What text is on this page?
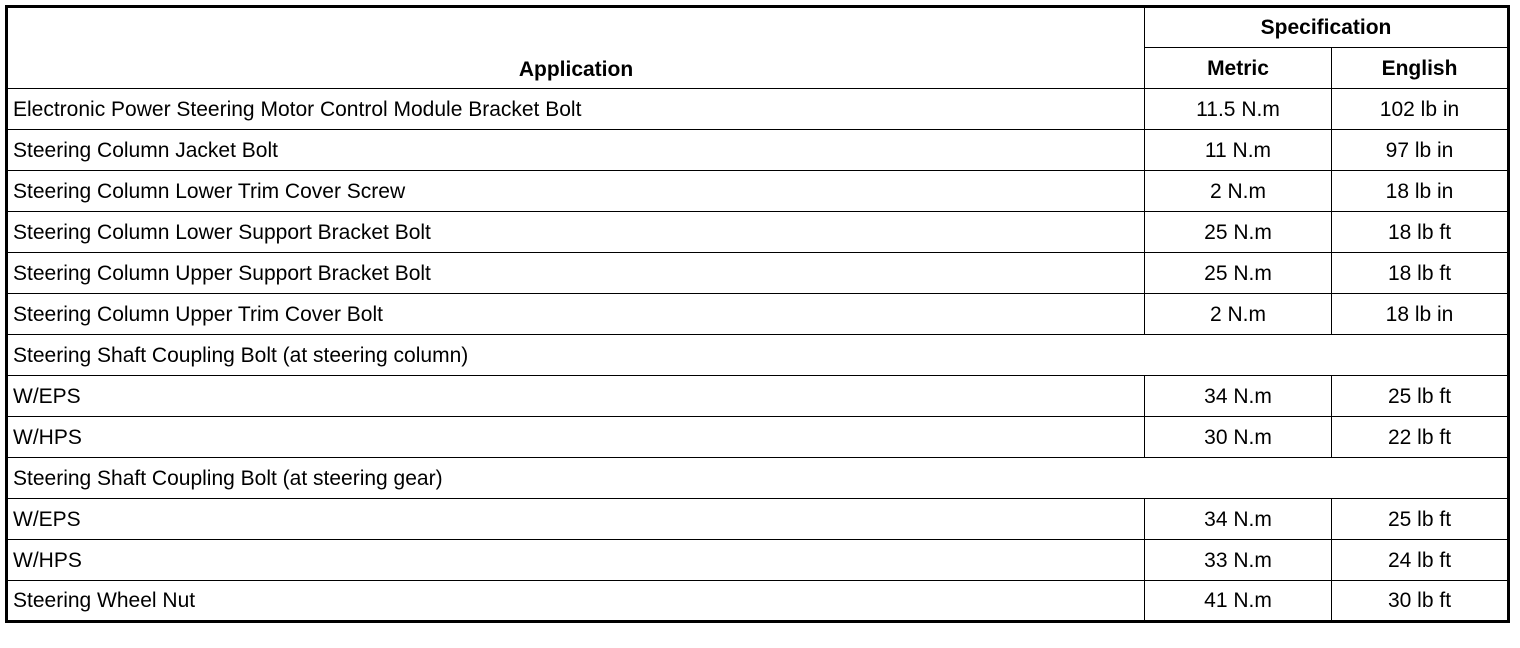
Application	Specification	
	Metric	English
Electronic Power Steering Motor Control Module Bracket Bolt	11.5 N.m	102 lb in
Steering Column Jacket Bolt	11 N.m	97 lb in
Steering Column Lower Trim Cover Screw	2 N.m	18 lb in
Steering Column Lower Support Bracket Bolt	25 N.m	18 lb ft
Steering Column Upper Support Bracket Bolt	25 N.m	18 lb ft
Steering Column Upper Trim Cover Bolt	2 N.m	18 lb in
Steering Shaft Coupling Bolt (at steering column)		
W/EPS	34 N.m	25 lb ft
W/HPS	30 N.m	22 lb ft
Steering Shaft Coupling Bolt (at steering gear)		
W/EPS	34 N.m	25 lb ft
W/HPS	33 N.m	24 lb ft
Steering Wheel Nut	41 N.m	30 lb ft
